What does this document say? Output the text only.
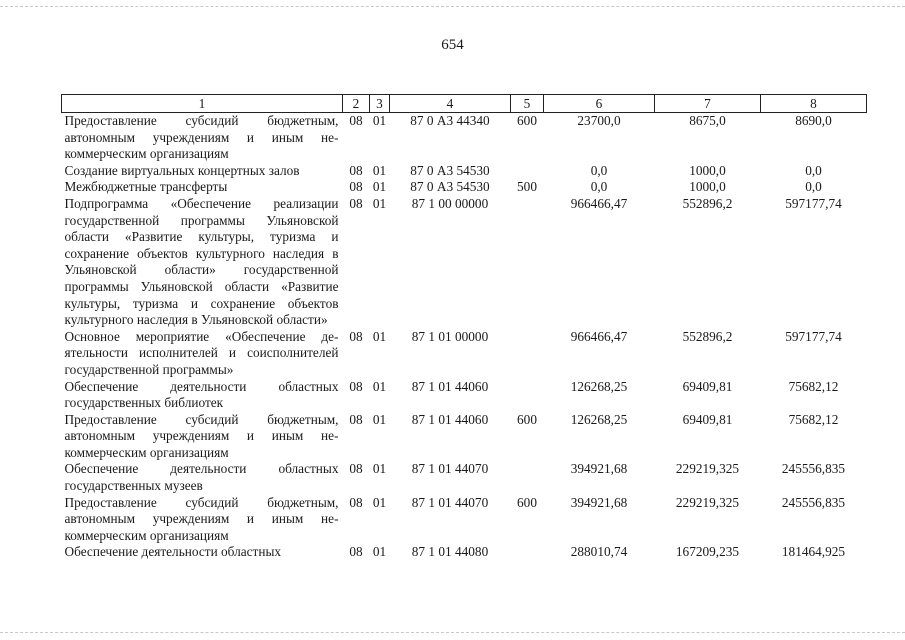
654
1	2	3	4	5	6	7	8
Предоставление субсидий бюджетным, автономным учреждениям и иным некоммерческим организациям	08	01	87 0 А3 44340	600	23700,0	8675,0	8690,0
Создание виртуальных концертных залов	08	01	87 0 А3 54530		0,0	1000,0	0,0
Межбюджетные трансферты	08	01	87 0 А3 54530	500	0,0	1000,0	0,0
Подпрограмма «Обеспечение реализации государственной программы Ульяновской области «Развитие культуры, туризма и сохранение объектов культурного наследия в Ульяновской области» государственной программы Ульяновской области «Развитие культуры, туризма и сохранение объектов культурного наследия в Ульяновской области»	08	01	87 1 00 00000		966466,47	552896,2	597177,74
Основное мероприятие «Обеспечение деятельности исполнителей и соисполнителей государственной программы»	08	01	87 1 01 00000		966466,47	552896,2	597177,74
Обеспечение деятельности областных государственных библиотек	08	01	87 1 01 44060		126268,25	69409,81	75682,12
Предоставление субсидий бюджетным, автономным учреждениям и иным некоммерческим организациям	08	01	87 1 01 44060	600	126268,25	69409,81	75682,12
Обеспечение деятельности областных государственных музеев	08	01	87 1 01 44070		394921,68	229219,325	245556,835
Предоставление субсидий бюджетным, автономным учреждениям и иным некоммерческим организациям	08	01	87 1 01 44070	600	394921,68	229219,325	245556,835
Обеспечение деятельности областных	08	01	87 1 01 44080		288010,74	167209,235	181464,925
